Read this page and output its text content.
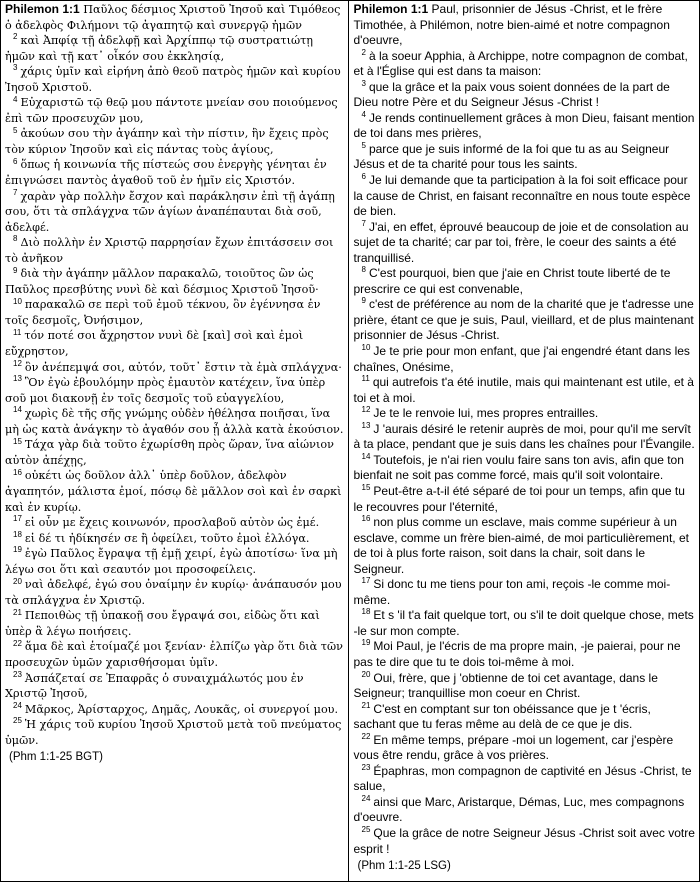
Philemon 1:1 Παῦλος δέσμιος Χριστοῦ Ἰησοῦ καὶ Τιμόθεος ὁ ἀδελφὸς Φιλήμονι τῷ ἀγαπητῷ καὶ συνεργῷ ἡμῶν
$^2$ καὶ Ἀπφίᾳ τῇ ἀδελφῇ καὶ Ἀρχίππῳ τῷ συστρατιώτῃ ἡμῶν καὶ τῇ κατ᾽ οἶκόν σου ἐκκλησίᾳ,
$^3$ χάρις ὑμῖν καὶ εἰρήνη ἀπὸ θεοῦ πατρὸς ἡμῶν καὶ κυρίου Ἰησοῦ Χριστοῦ.
$^4$ Εὐχαριστῶ τῷ θεῷ μου πάντοτε μνείαν σου ποιούμενος ἐπὶ τῶν προσευχῶν μου,
$^5$ ἀκούων σου τὴν ἀγάπην καὶ τὴν πίστιν, ἣν ἔχεις πρὸς τὸν κύριον Ἰησοῦν καὶ εἰς πάντας τοὺς ἁγίους,
$^6$ ὅπως ἡ κοινωνία τῆς πίστεώς σου ἐνεργὴς γένηται ἐν ἐπιγνώσει παντὸς ἀγαθοῦ τοῦ ἐν ἡμῖν εἰς Χριστόν.
$^7$ χαρὰν γὰρ πολλὴν ἔσχον καὶ παράκλησιν ἐπὶ τῇ ἀγάπῃ σου, ὅτι τὰ σπλάγχνα τῶν ἁγίων ἀναπέπαυται διὰ σοῦ, ἀδελφέ.
$^8$ Διὸ πολλὴν ἐν Χριστῷ παρρησίαν ἔχων ἐπιτάσσειν σοι τὸ ἀνῆκον
$^9$ διὰ τὴν ἀγάπην μᾶλλον παρακαλῶ, τοιοῦτος ὢν ὡς Παῦλος πρεσβύτης νυνὶ δὲ καὶ δέσμιος Χριστοῦ Ἰησοῦ·
$^{10}$ παρακαλῶ σε περὶ τοῦ ἐμοῦ τέκνου, ὃν ἐγέννησα ἐν τοῖς δεσμοῖς, Ὀνήσιμον,
$^{11}$ τόν ποτέ σοι ἄχρηστον νυνὶ δὲ [καὶ] σοὶ καὶ ἐμοὶ εὔχρηστον,
$^{12}$ ὃν ἀνέπεμψά σοι, αὐτόν, τοῦτ᾽ ἔστιν τὰ ἐμὰ σπλάγχνα·
$^{13}$ Ὃν ἐγὼ ἐβουλόμην πρὸς ἐμαυτὸν κατέχειν, ἵνα ὑπὲρ σοῦ μοι διακονῇ ἐν τοῖς δεσμοῖς τοῦ εὐαγγελίου,
$^{14}$ χωρὶς δὲ τῆς σῆς γνώμης οὐδὲν ἠθέλησα ποιῆσαι, ἵνα μὴ ὡς κατὰ ἀνάγκην τὸ ἀγαθόν σου ᾖ ἀλλὰ κατὰ ἑκούσιον.
$^{15}$ Τάχα γὰρ διὰ τοῦτο ἐχωρίσθη πρὸς ὥραν, ἵνα αἰώνιον αὐτὸν ἀπέχῃς,
$^{16}$ οὐκέτι ὡς δοῦλον ἀλλ᾽ ὑπὲρ δοῦλον, ἀδελφὸν ἀγαπητόν, μάλιστα ἐμοί, πόσῳ δὲ μᾶλλον σοὶ καὶ ἐν σαρκὶ καὶ ἐν κυρίῳ.
$^{17}$ εἰ οὖν με ἔχεις κοινωνόν, προσλαβοῦ αὐτὸν ὡς ἐμέ.
$^{18}$ εἰ δέ τι ἠδίκησέν σε ἢ ὀφείλει, τοῦτο ἐμοὶ ἐλλόγα.
$^{19}$ ἐγὼ Παῦλος ἔγραψα τῇ ἐμῇ χειρί, ἐγὼ ἀποτίσω· ἵνα μὴ λέγω σοι ὅτι καὶ σεαυτόν μοι προσοφείλεις.
$^{20}$ ναὶ ἀδελφέ, ἐγώ σου ὀναίμην ἐν κυρίῳ· ἀνάπαυσόν μου τὰ σπλάγχνα ἐν Χριστῷ.
$^{21}$ Πεποιθὼς τῇ ὑπακοῇ σου ἔγραψά σοι, εἰδὼς ὅτι καὶ ὑπὲρ ἃ λέγω ποιήσεις.
$^{22}$ ἅμα δὲ καὶ ἑτοίμαζέ μοι ξενίαν· ἐλπίζω γὰρ ὅτι διὰ τῶν προσευχῶν ὑμῶν χαρισθήσομαι ὑμῖν.
$^{23}$ Ἀσπάζεταί σε Ἐπαφρᾶς ὁ συναιχμάλωτός μου ἐν Χριστῷ Ἰησοῦ,
$^{24}$ Μᾶρκος, Ἀρίσταρχος, Δημᾶς, Λουκᾶς, οἱ συνεργοί μου.
$^{25}$ Ἡ χάρις τοῦ κυρίου Ἰησοῦ Χριστοῦ μετὰ τοῦ πνεύματος ὑμῶν.
(Phm 1:1-25 BGT)
Philemon 1:1 Paul, prisonnier de Jésus -Christ, et le frère Timothée, à Philémon, notre bien-aimé et notre compagnon d'oeuvre,
$^2$ à la soeur Apphia, à Archippe, notre compagnon de combat, et à l'Église qui est dans ta maison:
$^3$ que la grâce et la paix vous soient données de la part de Dieu notre Père et du Seigneur Jésus -Christ !
$^4$ Je rends continuellement grâces à mon Dieu, faisant mention de toi dans mes prières,
$^5$ parce que je suis informé de la foi que tu as au Seigneur Jésus et de ta charité pour tous les saints.
$^6$ Je lui demande que ta participation à la foi soit efficace pour la cause de Christ, en faisant reconnaître en nous toute espèce de bien.
$^7$ J'ai, en effet, éprouvé beaucoup de joie et de consolation au sujet de ta charité; car par toi, frère, le coeur des saints a été tranquillisé.
$^8$ C'est pourquoi, bien que j'aie en Christ toute liberté de te prescrire ce qui est convenable,
$^9$ c'est de préférence au nom de la charité que je t'adresse une prière, étant ce que je suis, Paul, vieillard, et de plus maintenant prisonnier de Jésus -Christ.
$^{10}$ Je te prie pour mon enfant, que j'ai engendré étant dans les chaînes, Onésime,
$^{11}$ qui autrefois t'a été inutile, mais qui maintenant est utile, et à toi et à moi.
$^{12}$ Je te le renvoie lui, mes propres entrailles.
$^{13}$ J 'aurais désiré le retenir auprès de moi, pour qu'il me servît à ta place, pendant que je suis dans les chaînes pour l'Évangile.
$^{14}$ Toutefois, je n'ai rien voulu faire sans ton avis, afin que ton bienfait ne soit pas comme forcé, mais qu'il soit volontaire.
$^{15}$ Peut-être a-t-il été séparé de toi pour un temps, afin que tu le recouvres pour l'éternité,
$^{16}$ non plus comme un esclave, mais comme supérieur à un esclave, comme un frère bien-aimé, de moi particulièrement, et de toi à plus forte raison, soit dans la chair, soit dans le Seigneur.
$^{17}$ Si donc tu me tiens pour ton ami, reçois -le comme moi-même.
$^{18}$ Et s 'il t'a fait quelque tort, ou s'il te doit quelque chose, mets -le sur mon compte.
$^{19}$ Moi Paul, je l'écris de ma propre main, -je paierai, pour ne pas te dire que tu te dois toi-même à moi.
$^{20}$ Oui, frère, que j 'obtienne de toi cet avantage, dans le Seigneur; tranquillise mon coeur en Christ.
$^{21}$ C'est en comptant sur ton obéissance que je t 'écris, sachant que tu feras même au delà de ce que je dis.
$^{22}$ En même temps, prépare -moi un logement, car j'espère vous être rendu, grâce à vos prières.
$^{23}$ Épaphras, mon compagnon de captivité en Jésus -Christ, te salue,
$^{24}$ ainsi que Marc, Aristarque, Démas, Luc, mes compagnons d'oeuvre.
$^{25}$ Que la grâce de notre Seigneur Jésus -Christ soit avec votre esprit !
(Phm 1:1-25 LSG)
